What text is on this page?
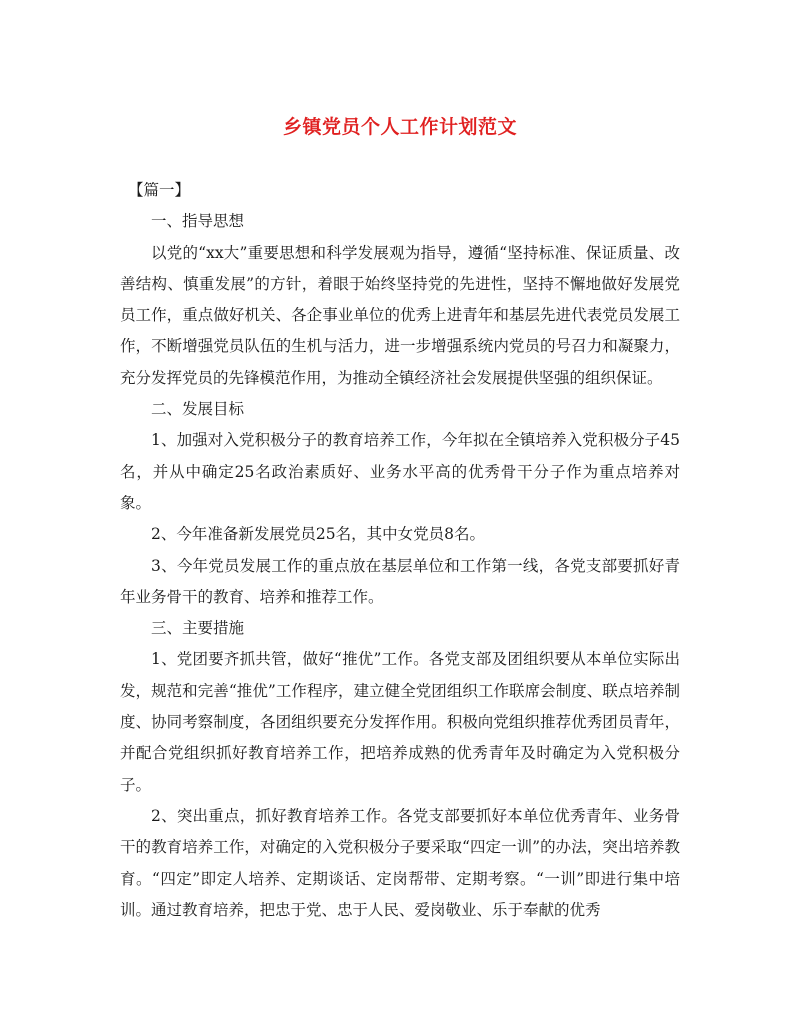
乡镇党员个人工作计划范文

【篇一】

一、指导思想

以党的“xx大”重要思想和科学发展观为指导，遵循“坚持标准、保证质量、改善结构、慎重发展”的方针，着眼于始终坚持党的先进性，坚持不懈地做好发展党员工作，重点做好机关、各企事业单位的优秀上进青年和基层先进代表党员发展工作，不断增强党员队伍的生机与活力，进一步增强系统内党员的号召力和凝聚力，充分发挥党员的先锋模范作用，为推动全镇经济社会发展提供坚强的组织保证。

二、发展目标

1、加强对入党积极分子的教育培养工作，今年拟在全镇培养入党积极分子45名，并从中确定25名政治素质好、业务水平高的优秀骨干分子作为重点培养对象。

2、今年准备新发展党员25名，其中女党员8名。

3、今年党员发展工作的重点放在基层单位和工作第一线，各党支部要抓好青年业务骨干的教育、培养和推荐工作。

三、主要措施

1、党团要齐抓共管，做好“推优”工作。各党支部及团组织要从本单位实际出发，规范和完善“推优”工作程序，建立健全党团组织工作联席会制度、联点培养制度、协同考察制度，各团组织要充分发挥作用。积极向党组织推荐优秀团员青年，并配合党组织抓好教育培养工作，把培养成熟的优秀青年及时确定为入党积极分子。

2、突出重点，抓好教育培养工作。各党支部要抓好本单位优秀青年、业务骨干的教育培养工作，对确定的入党积极分子要采取“四定一训”的办法，突出培养教育。“四定”即定人培养、定期谈话、定岗帮带、定期考察。“一训”即进行集中培训。通过教育培养，把忠于党、忠于人民、爱岗敬业、乐于奉献的优秀
